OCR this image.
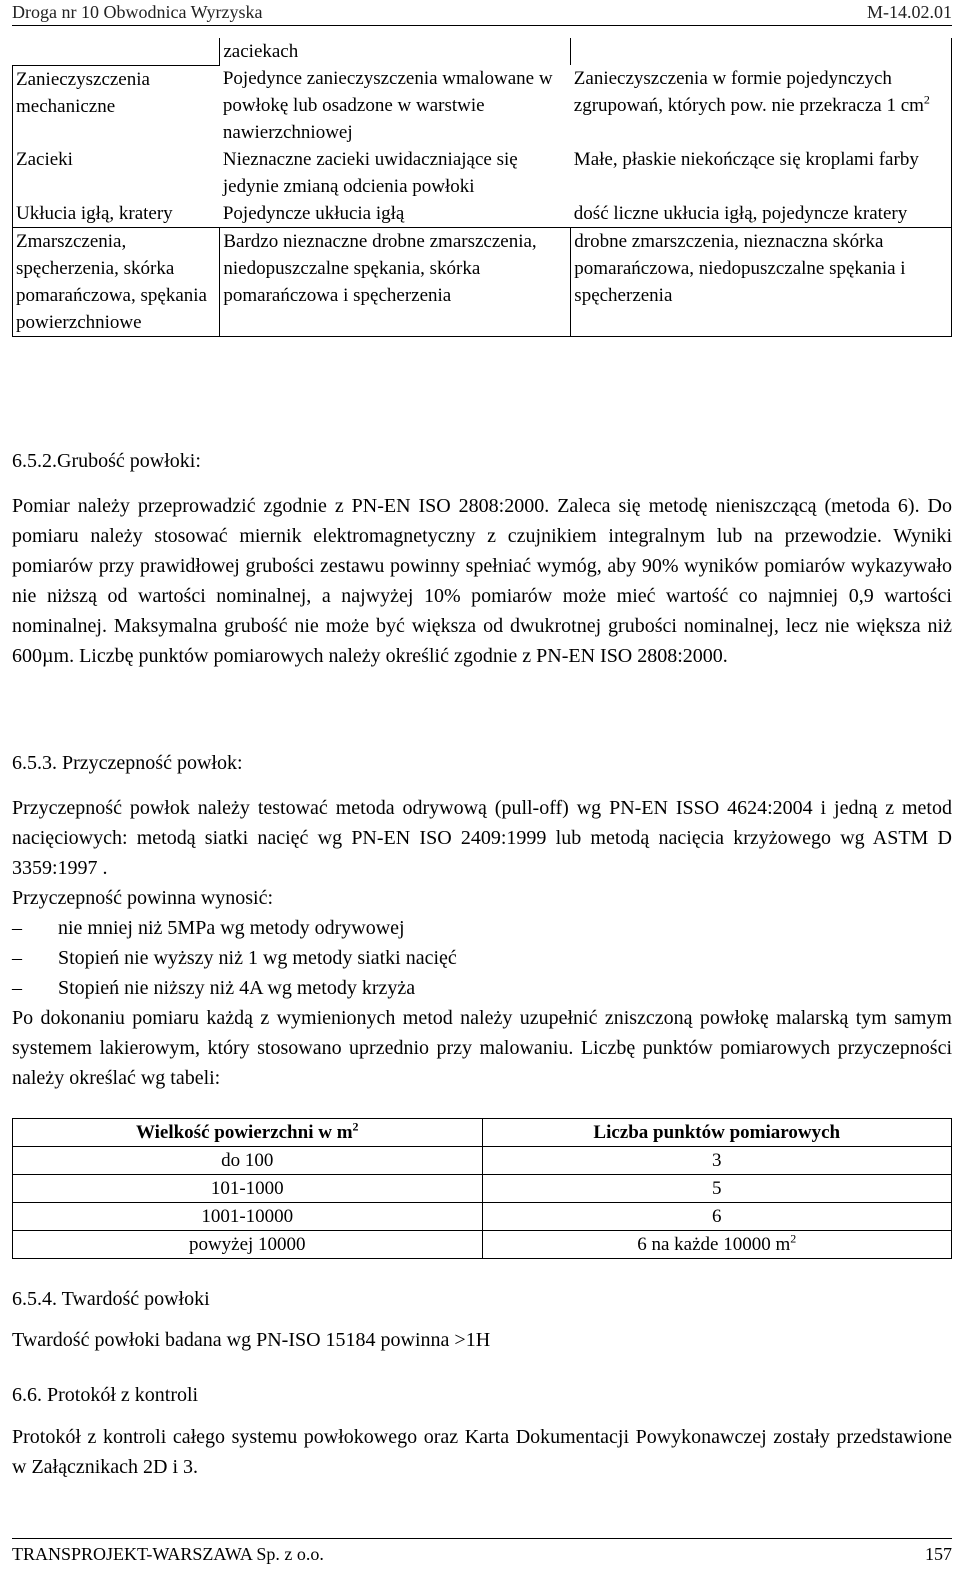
Droga nr 10 Obwodnica Wyrzyska	M-14.02.01
	zaciekach	
Zanieczyszczenia mechaniczne	Pojedynce zanieczyszczenia wmalowane w powłokę lub osadzone w warstwie nawierzchniowej	Zanieczyszczenia w formie pojedynczych zgrupowań, których pow. nie przekracza 1 $cm^2$
Zacieki	Nieznaczne zacieki uwidaczniające się jedynie zmianą odcienia powłoki	Małe, płaskie niekończące się kroplami farby
Ukłucia igłą, kratery	Pojedyncze ukłucia igłą	dość liczne ukłucia igłą, pojedyncze kratery
Zmarszczenia, spęcherzenia, skórka pomarańczowa, spękania powierzchniowe	Bardzo nieznaczne drobne zmarszczenia, niedopuszczalne spękania, skórka pomarańczowa i spęcherzenia	drobne zmarszczenia, nieznaczna skórka pomarańczowa, niedopuszczalne spękania i spęcherzenia
6.5.2.Grubość powłoki:
Pomiar należy przeprowadzić zgodnie z PN-EN ISO 2808:2000. Zaleca się metodę nieniszczącą (metoda 6). Do pomiaru należy stosować miernik elektromagnetyczny z czujnikiem integralnym lub na przewodzie. Wyniki pomiarów przy prawidłowej grubości zestawu powinny spełniać wymóg, aby 90% wyników pomiarów wykazywało nie niższą od wartości nominalnej, a najwyżej 10% pomiarów może mieć wartość co najmniej 0,9 wartości nominalnej. Maksymalna grubość nie może być większa od dwukrotnej grubości nominalnej, lecz nie większa niż 600µm. Liczbę punktów pomiarowych należy określić zgodnie z PN-EN ISO 2808:2000.
6.5.3. Przyczepność powłok:
Przyczepność powłok należy testować metoda odrywową (pull-off) wg PN-EN ISSO 4624:2004 i jedną z metod nacięciowych: metodą siatki nacięć wg PN-EN ISO 2409:1999 lub metodą nacięcia krzyżowego wg ASTM D 3359:1997 .
Przyczepność powinna wynosić:
–	nie mniej niż 5MPa wg metody odrywowej
–	Stopień nie wyższy niż 1 wg metody siatki nacięć
–	Stopień nie niższy niż 4A wg metody krzyża
Po dokonaniu pomiaru każdą z wymienionych metod należy uzupełnić zniszczoną powłokę malarską tym samym systemem lakierowym, który stosowano uprzednio przy malowaniu. Liczbę punktów pomiarowych przyczepności należy określać wg tabeli:
Wielkość powierzchni w $m^2$	Liczba punktów pomiarowych
do 100	3
101-1000	5
1001-10000	6
powyżej 10000	6 na każde 10000 $m^2$
6.5.4. Twardość powłoki
Twardość powłoki badana wg PN-ISO 15184 powinna >1H
6.6. Protokół z kontroli
Protokół z kontroli całego systemu powłokowego oraz Karta Dokumentacji Powykonawczej zostały przedstawione w Załącznikach 2D i 3.
TRANSPROJEKT-WARSZAWA Sp. z o.o.	157
